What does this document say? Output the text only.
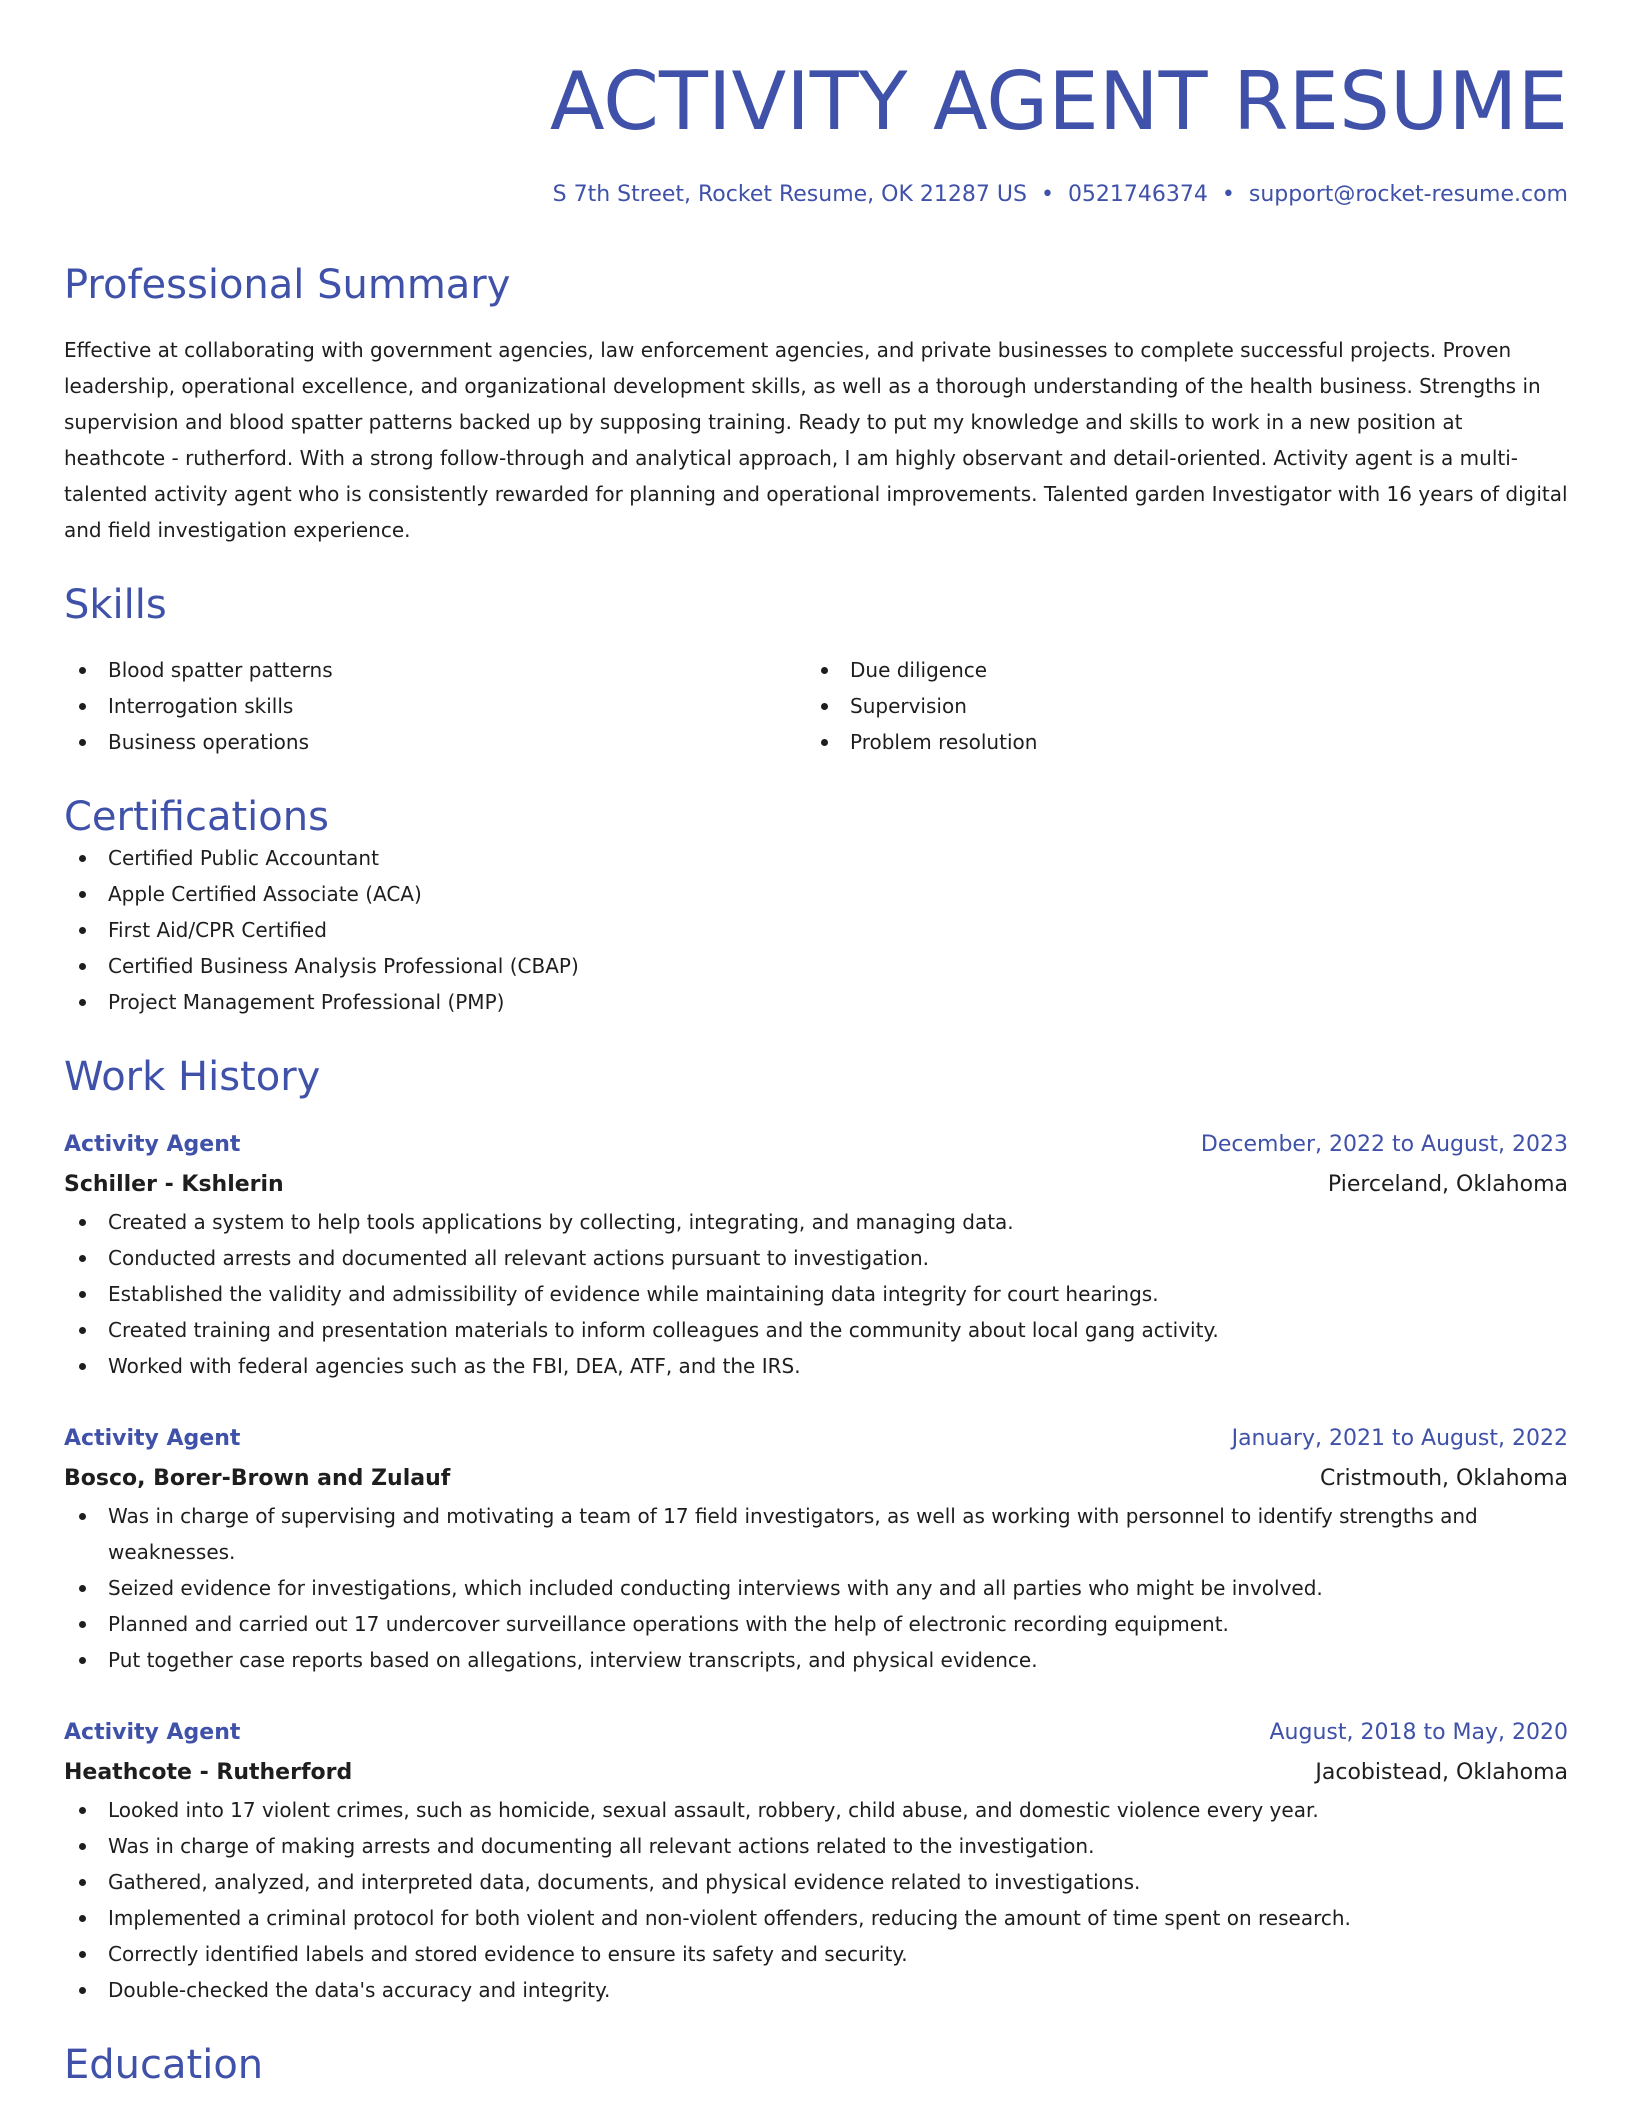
ACTIVITY AGENT RESUME
S 7th Street, Rocket Resume, OK 21287 US • 0521746374 • support@rocket-resume.com
Professional Summary

Effective at collaborating with government agencies, law enforcement agencies, and private businesses to complete successful projects. Proven leadership, operational excellence, and organizational development skills, as well as a thorough understanding of the health business. Strengths in supervision and blood spatter patterns backed up by supposing training. Ready to put my knowledge and skills to work in a new position at heathcote - rutherford. With a strong follow-through and analytical approach, I am highly observant and detail-oriented. Activity agent is a multi-talented activity agent who is consistently rewarded for planning and operational improvements. Talented garden Investigator with 16 years of digital and field investigation experience.

Skills
Blood spatter patterns
Interrogation skills
Business operations
Due diligence
Supervision
Problem resolution
Certifications
Certified Public Accountant
Apple Certified Associate (ACA)
First Aid/CPR Certified
Certified Business Analysis Professional (CBAP)
Project Management Professional (PMP)
Work History
Activity Agent	December, 2022 to August, 2023
Schiller - Kshlerin	Pierceland, Oklahoma
Created a system to help tools applications by collecting, integrating, and managing data.
Conducted arrests and documented all relevant actions pursuant to investigation.
Established the validity and admissibility of evidence while maintaining data integrity for court hearings.
Created training and presentation materials to inform colleagues and the community about local gang activity.
Worked with federal agencies such as the FBI, DEA, ATF, and the IRS.
Activity Agent	January, 2021 to August, 2022
Bosco, Borer-Brown and Zulauf	Cristmouth, Oklahoma
Was in charge of supervising and motivating a team of 17 field investigators, as well as working with personnel to identify strengths and weaknesses.
Seized evidence for investigations, which included conducting interviews with any and all parties who might be involved.
Planned and carried out 17 undercover surveillance operations with the help of electronic recording equipment.
Put together case reports based on allegations, interview transcripts, and physical evidence.
Activity Agent	August, 2018 to May, 2020
Heathcote - Rutherford	Jacobistead, Oklahoma
Looked into 17 violent crimes, such as homicide, sexual assault, robbery, child abuse, and domestic violence every year.
Was in charge of making arrests and documenting all relevant actions related to the investigation.
Gathered, analyzed, and interpreted data, documents, and physical evidence related to investigations.
Implemented a criminal protocol for both violent and non-violent offenders, reducing the amount of time spent on research.
Correctly identified labels and stored evidence to ensure its safety and security.
Double-checked the data's accuracy and integrity.
Education
